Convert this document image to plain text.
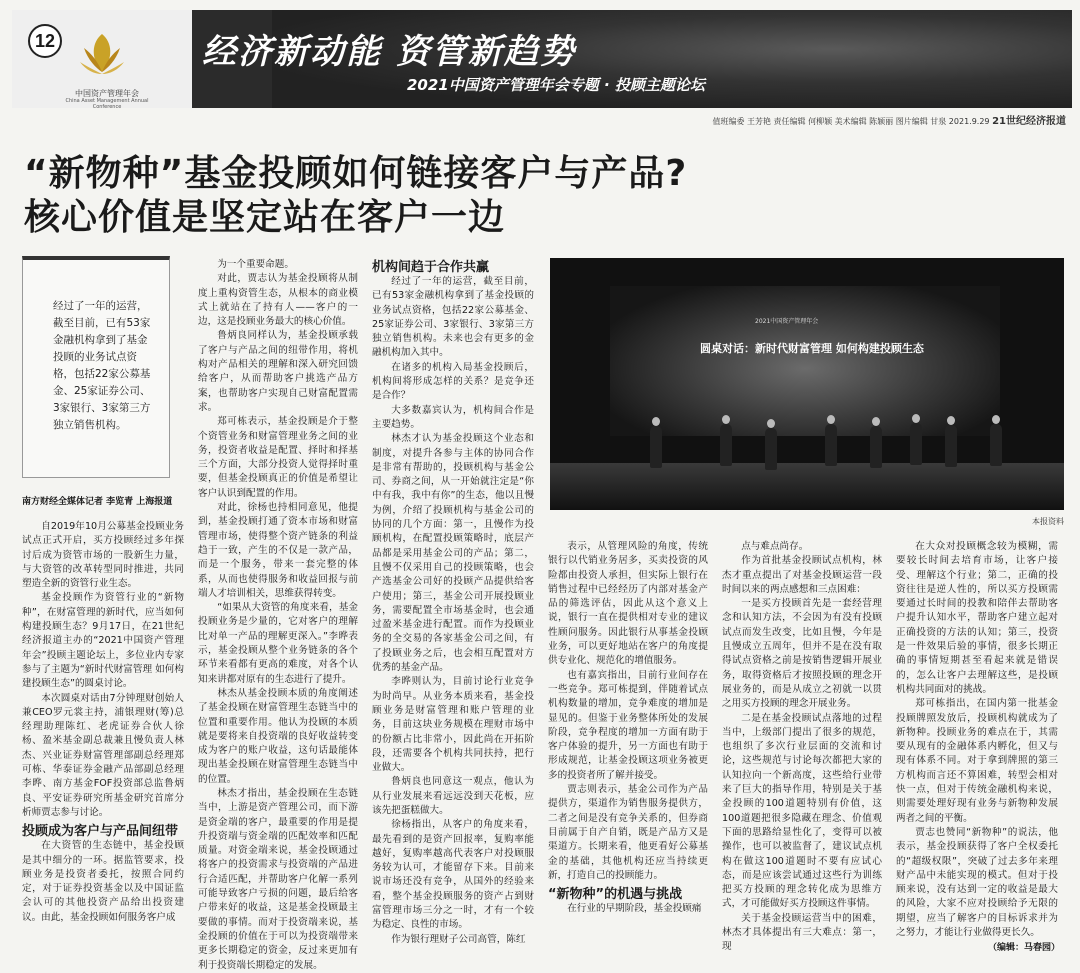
12
中国资产管理年会
China Asset Management Annual Conference
经济新动能 资管新趋势
2021中国资产管理年会专题 · 投顾主题论坛
值班编委 王芳艳 责任编辑 何柳颖 美术编辑 陈颖丽 图片编辑 甘泉 2021.9.29 21世纪经济报道
“新物种”基金投顾如何链接客户与产品?
核心价值是坚定站在客户一边

经过了一年的运营，截至目前，已有53家金融机构拿到了基金投顾的业务试点资格，包括22家公募基金、25家证券公司、3家银行、3家第三方独立销售机构。

南方财经全媒体记者 李览青 上海报道

自2019年10月公募基金投顾业务试点正式开启，买方投顾经过多年探讨后成为资管市场的一股新生力量，与大资管的改革转型同时推进，共同塑造全新的资管行业生态。

基金投顾作为资管行业的“新物种”，在财富管理的新时代，应当如何构建投顾生态？9月17日，在21世纪经济报道主办的“2021中国资产管理年会”投顾主题论坛上，多位业内专家参与了主题为“新时代财富管理 如何构建投顾生态”的圆桌讨论。

本次圆桌对话由7分钟理财创始人兼CEO罗元裳主持，浦银理财(筹)总经理助理陈红、老虎证券合伙人徐杨、盈米基金副总裁兼且慢负责人林杰、兴业证券财富管理部副总经理郑可栋、华泰证券金融产品部副总经理李晔、南方基金FOF投资部总监鲁炳良、平安证券研究所基金研究首席分析师贾志参与讨论。

投顾成为客户与产品间纽带

在大资管的生态链中，基金投顾是其中细分的一环。据监管要求，投顾业务是投资者委托，按照合同约定，对于证券投资基金以及中国证监会认可的其他投资产品给出投资建议。由此，基金投顾如何服务客户成

为一个重要命题。

对此，贾志认为基金投顾将从制度上重构资管生态，从根本的商业模式上就站在了持有人——客户的一边，这是投顾业务最大的核心价值。

鲁炳良同样认为，基金投顾承载了客户与产品之间的纽带作用，将机构对产品相关的理解和深入研究回馈给客户，从而帮助客户挑选产品方案，也帮助客户实现自己财富配置需求。

郑可栋表示，基金投顾是介于整个资管业务和财富管理业务之间的业务，投资者收益是配置、择时和择基三个方面，大部分投资人觉得择时重要，但基金投顾真正的价值是希望让客户认识到配置的作用。

对此，徐杨也持相同意见，他提到，基金投顾打通了资本市场和财富管理市场，使得整个资产链条的利益趋于一致，产生的不仅是一款产品，而是一个服务，带来一套完整的体系，从而也使得服务和收益回报与前端人才培训相关，思维获得转变。

“如果从大资管的角度来看，基金投顾业务是少量的，它对客户的理解比对单一产品的理解更深入。”李晔表示，基金投顾从整个业务链条的各个环节来看都有更高的难度，对各个认知来讲都对原有的生态进行了提升。

林杰从基金投顾本质的角度阐述了基金投顾在财富管理生态链当中的位置和重要作用。他认为投顾的本质就是要将来自投资端的良好收益转变成为客户的账户收益，这句话最能体现出基金投顾在财富管理生态链当中的位置。

林杰才指出，基金投顾在生态链当中，上游是资产管理公司，而下游是资金端的客户，最重要的作用是提升投资端与资金端的匹配效率和匹配质量。对资金端来说，基金投顾通过将客户的投资需求与投资端的产品进行合适匹配，并帮助客户化解一系列可能导致客户亏损的问题，最后给客户带来好的收益，这是基金投顾最主要做的事情。而对于投资端来说，基金投顾的价值在于可以为投资端带来更多长期稳定的资金，反过来更加有利于投资端长期稳定的发展。

机构间趋于合作共赢

经过了一年的运营，截至目前，已有53家金融机构拿到了基金投顾的业务试点资格，包括22家公募基金、25家证券公司、3家银行、3家第三方独立销售机构。未来也会有更多的金融机构加入其中。

在诸多的机构入局基金投顾后，机构间将形成怎样的关系？是竞争还是合作？

大多数嘉宾认为，机构间合作是主要趋势。

林杰才认为基金投顾这个业态和制度，对提升各参与主体的协同合作是非常有帮助的，投顾机构与基金公司、券商之间，从一开始就注定是“你中有我，我中有你”的生态，他以且慢为例，介绍了投顾机构与基金公司的协同的几个方面：第一，且慢作为投顾机构，在配置投顾策略时，底层产品都是采用基金公司的产品；第二，且慢不仅采用自己的投顾策略，也会产选基金公司好的投顾产品提供给客户使用；第三，基金公司开展投顾业务，需要配置全市场基金时，也会通过盈米基金进行配置。而作为投顾业务的全交易的各家基金公司之间，有了投顾业务之后，也会相互配置对方优秀的基金产品。

李晔则认为，目前讨论行业竞争为时尚早。从业务本质来看，基金投顾业务是财富管理和账户管理的业务，目前这块业务规模在理财市场中的份额占比非常小，因此尚在开拓阶段，还需要各个机构共同扶持，把行业做大。

鲁炳良也同意这一观点，他认为从行业发展来看远远没到天花板，应该先把蛋糕做大。

徐杨指出，从客户的角度来看，最先看到的是资产回报率，复购率能越好，复购率越高代表客户对投顾服务较为认可，才能留存下来。目前来说市场还没有竞争，从国外的经验来看，整个基金投顾服务的资产占到财富管理市场三分之一时，才有一个较为稳定、良性的市场。

作为银行理财子公司高管，陈红

2021中国资产管理年会
圆桌对话：新时代财富管理 如何构建投顾生态
本报资料

表示，从管理风险的角度，传统银行以代销业务居多，买卖投资的风险都由投资人承担，但实际上银行在销售过程中已经经历了内部对基金产品的筛选评估，因此从这个意义上说，银行一直在提供相对专业的建议性顾问服务。因此银行从事基金投顾业务，可以更好地站在客户的角度提供专业化、规范化的增值服务。

也有嘉宾指出，目前行业间存在一些竞争。郑可栋提到，伴随着试点机构数量的增加，竞争难度的增加是显见的。但鉴于业务整体所处的发展阶段，竞争程度的增加一方面有助于客户体验的提升，另一方面也有助于形成规范，让基金投顾这项业务被更多的投资者所了解并接受。

贾志则表示，基金公司作为产品提供方，渠道作为销售服务提供方，二者之间是没有竞争关系的，但券商目前属于自产自销，既是产品方又是渠道方。长期来看，他更看好公募基金的基础，其他机构还应当持续更新，打造自己的投顾能力。

“新物种”的机遇与挑战

在行业的早期阶段，基金投顾痛

点与难点尚存。

作为首批基金投顾试点机构，林杰才重点提出了对基金投顾运营一段时间以来的两点感想和三点困难：

一是买方投顾首先是一套经营理念和认知方法，不会因为有没有投顾试点而发生改变，比如且慢，今年是且慢成立五周年，但并不是在没有取得试点资格之前是按销售逻辑开展业务，取得资格后才按照投顾的理念开展业务的，而是从成立之初就一以贯之用买方投顾的理念开展业务。

二是在基金投顾试点落地的过程当中，上级部门提出了很多的规范，也组织了多次行业层面的交流和讨论，这些规范与讨论每次都把大家的认知拉向一个新高度，这些给行业带来了巨大的指导作用，特别是关于基金投顾的100道题特别有价值，这100道题把很多隐藏在理念、价值观下面的思路给显性化了，变得可以被操作，也可以被监督了，建议试点机构在做这100道题时不要有应试心态，而是应该尝试通过这些行为训练把买方投顾的理念转化成为思维方式，才可能做好买方投顾这件事情。

关于基金投顾运营当中的困难，林杰才具体提出有三大难点：第一，现

在大众对投顾概念较为模糊，需要较长时间去培育市场，让客户接受、理解这个行业；第二，正确的投资往往是逆人性的，所以买方投顾需要通过长时间的投教和陪伴去帮助客户提升认知水平，帮助客户建立起对正确投资的方法的认知；第三，投资是一件效果后验的事情，很多长期正确的事情短期甚至看起来就是错误的，怎么让客户去理解这些，是投顾机构共同面对的挑战。

郑可栋指出，在国内第一批基金投顾牌照发放后，投顾机构就成为了新物种。投顾业务的难点在于，其需要从现有的金融体系内孵化，但又与现有体系不同。对于拿到牌照的第三方机构而言还不算困难，转型会相对快一点，但对于传统金融机构来说，则需要处理好现有业务与新物种发展两者之间的平衡。

贾志也赞同“新物种”的说法，他表示，基金投顾获得了客户全权委托的“超级权限”，突破了过去多年来理财产品中未能实现的模式。但对于投顾来说，没有达到一定的收益是最大的风险，大家不应对投顾给予无限的期望，应当了解客户的目标诉求并为之努力，才能让行业做得更长久。

（编辑：马春园）
